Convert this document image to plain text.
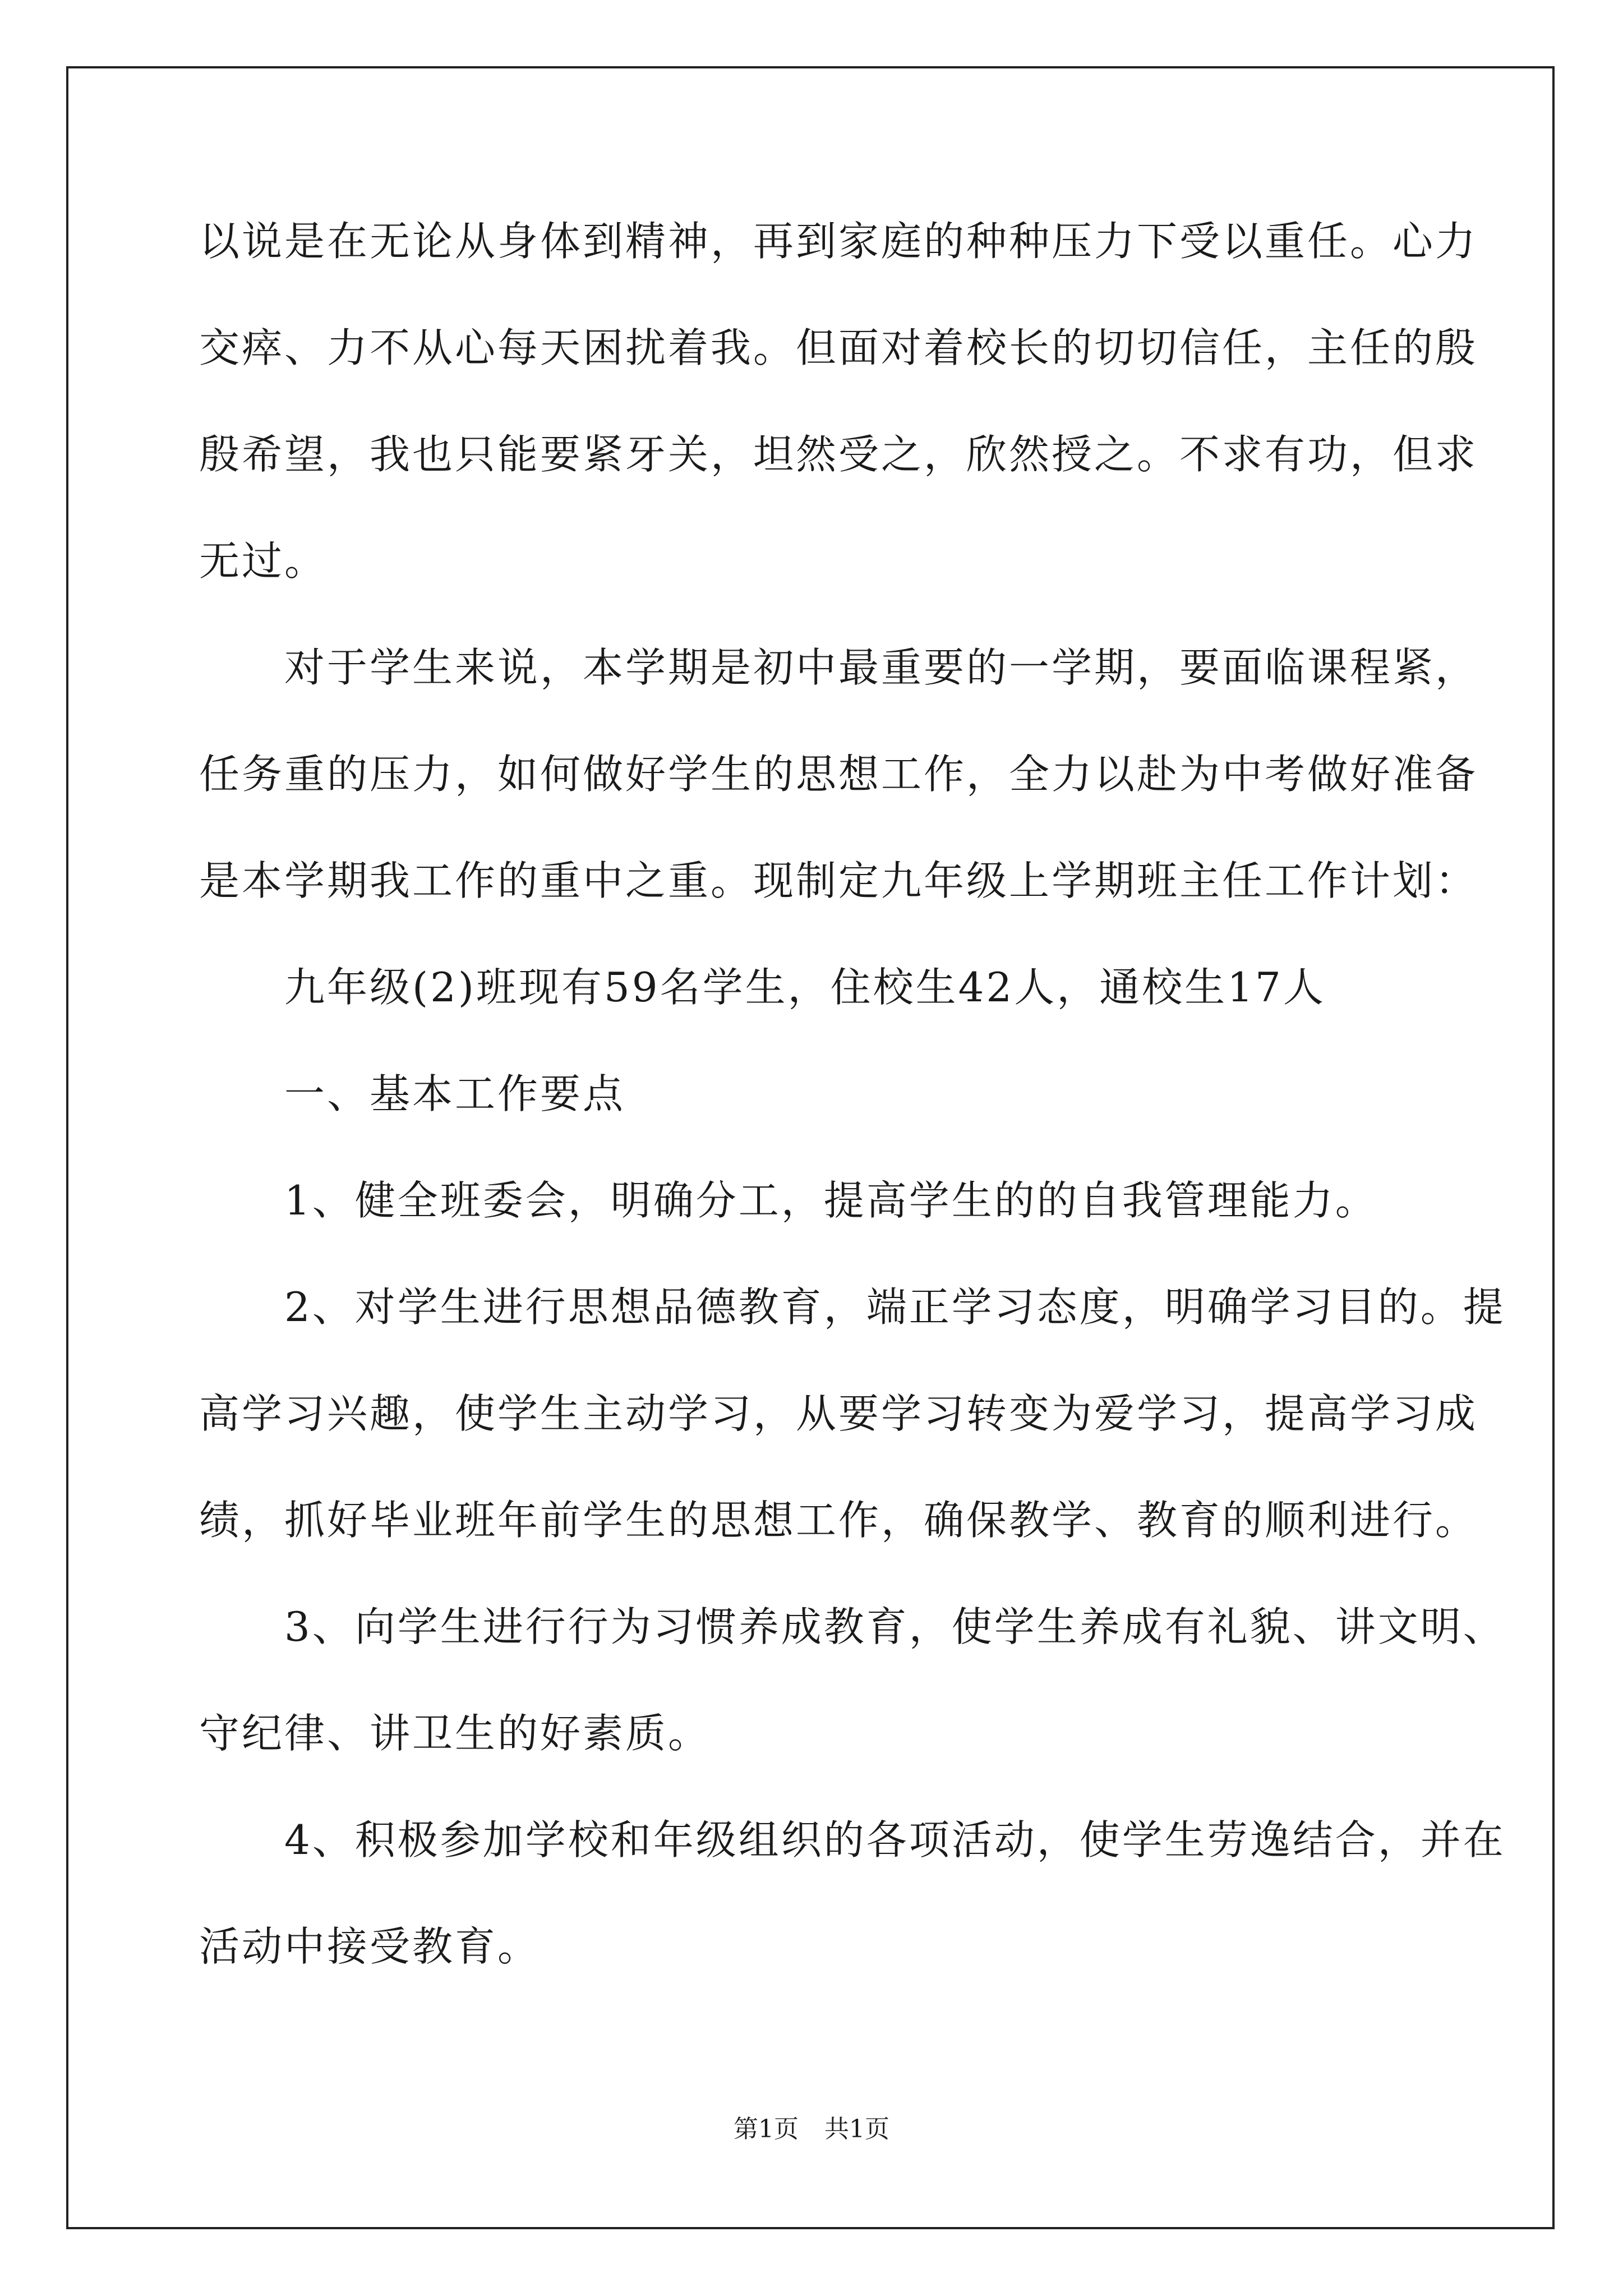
以说是在无论从身体到精神，再到家庭的种种压力下受以重任。心力
交瘁、力不从心每天困扰着我。但面对着校长的切切信任，主任的殷
殷希望，我也只能要紧牙关，坦然受之，欣然授之。不求有功，但求
无过。
　　对于学生来说，本学期是初中最重要的一学期，要面临课程紧，
任务重的压力，如何做好学生的思想工作，全力以赴为中考做好准备
是本学期我工作的重中之重。现制定九年级上学期班主任工作计划：
　　九年级(2)班现有59名学生，住校生42人，通校生17人
　　一、基本工作要点
　　1、健全班委会，明确分工，提高学生的的自我管理能力。
　　2、对学生进行思想品德教育，端正学习态度，明确学习目的。提
高学习兴趣，使学生主动学习，从要学习转变为爱学习，提高学习成
绩，抓好毕业班年前学生的思想工作，确保教学、教育的顺利进行。
　　3、向学生进行行为习惯养成教育，使学生养成有礼貌、讲文明、
守纪律、讲卫生的好素质。
　　4、积极参加学校和年级组织的各项活动，使学生劳逸结合，并在
活动中接受教育。
第1页 共1页
